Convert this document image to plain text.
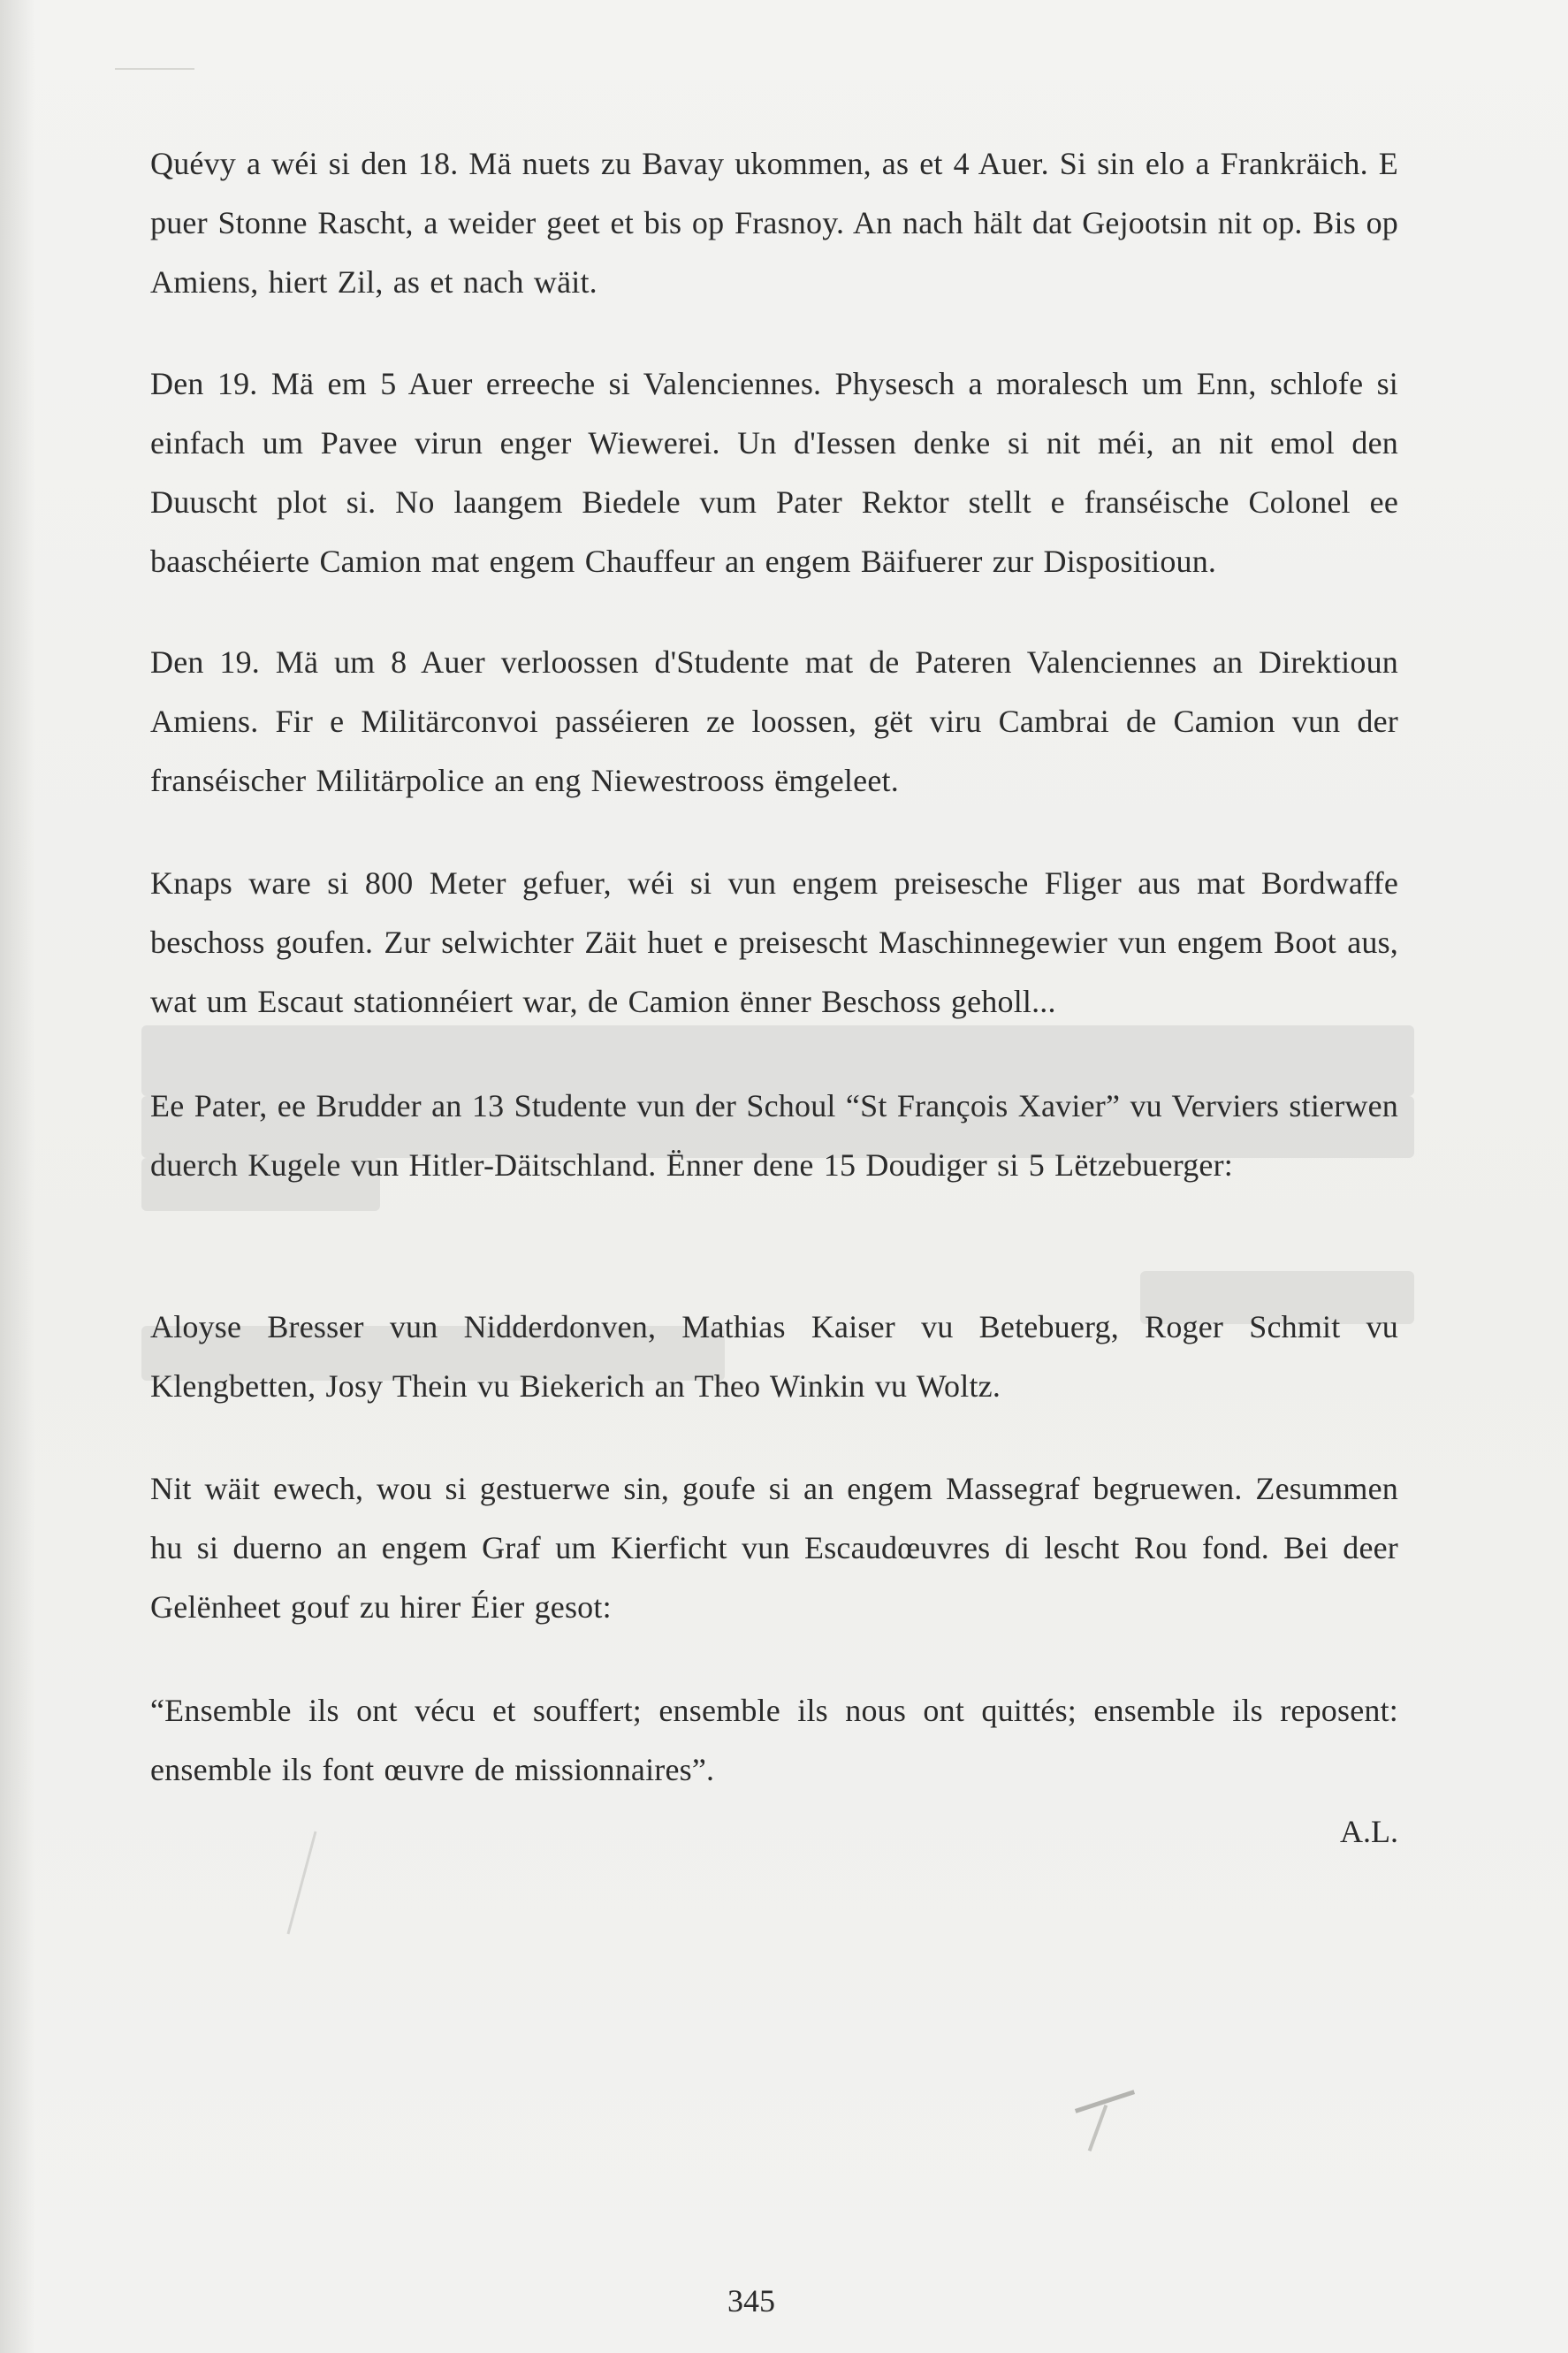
Quévy a wéi si den 18. Mä nuets zu Bavay ukommen, as et 4 Auer. Si sin elo a Frankräich. E puer Stonne Rascht, a weider geet et bis op Frasnoy. An nach hält dat Gejootsin nit op. Bis op Amiens, hiert Zil, as et nach wäit.

Den 19. Mä em 5 Auer erreeche si Valenciennes. Physesch a moralesch um Enn, schlofe si einfach um Pavee virun enger Wiewerei. Un d'Iessen denke si nit méi, an nit emol den Duuscht plot si. No laangem Biedele vum Pater Rektor stellt e franséische Colonel ee baaschéierte Camion mat engem Chauffeur an engem Bäifuerer zur Dispositioun.

Den 19. Mä um 8 Auer verloossen d'Studente mat de Pateren Valenciennes an Direktioun Amiens. Fir e Militärconvoi passéieren ze loossen, gët viru Cambrai de Camion vun der franséischer Militärpolice an eng Niewestrooss ëmgeleet.

Knaps ware si 800 Meter gefuer, wéi si vun engem preisesche Fliger aus mat Bordwaffe beschoss goufen. Zur selwichter Zäit huet e preisescht Maschinnegewier vun engem Boot aus, wat um Escaut stationnéiert war, de Camion ënner Beschoss geholl...

Ee Pater, ee Brudder an 13 Studente vun der Schoul “St François Xavier” vu Verviers stierwen duerch Kugele vun Hitler-Däitschland. Ënner dene 15 Doudiger si 5 Lëtzebuerger:

Aloyse Bresser vun Nidderdonven, Mathias Kaiser vu Betebuerg, Roger Schmit vu Klengbetten, Josy Thein vu Biekerich an Theo Winkin vu Woltz.

Nit wäit ewech, wou si gestuerwe sin, goufe si an engem Massegraf begruewen. Zesummen hu si duerno an engem Graf um Kierficht vun Escaudœuvres di lescht Rou fond. Bei deer Gelënheet gouf zu hirer Éier gesot:

“Ensemble ils ont vécu et souffert; ensemble ils nous ont quittés; ensemble ils reposent: ensemble ils font œuvre de missionnaires”.

A.L.
345
